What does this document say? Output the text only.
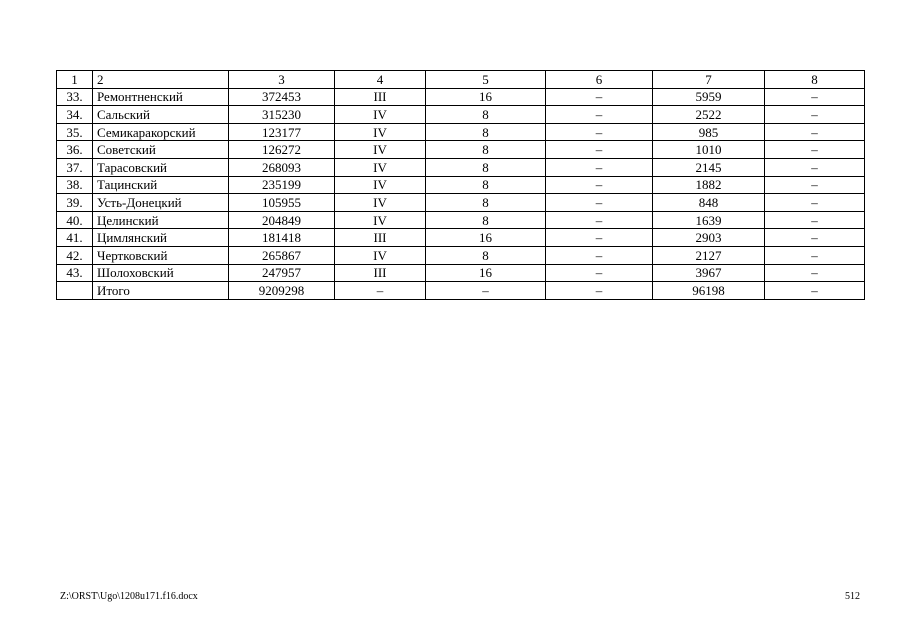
1	2	3	4	5	6	7	8
33.	Ремонтненский	372453	III	16	–	5959	–
34.	Сальский	315230	IV	8	–	2522	–
35.	Семикаракорский	123177	IV	8	–	985	–
36.	Советский	126272	IV	8	–	1010	–
37.	Тарасовский	268093	IV	8	–	2145	–
38.	Тацинский	235199	IV	8	–	1882	–
39.	Усть-Донецкий	105955	IV	8	–	848	–
40.	Целинский	204849	IV	8	–	1639	–
41.	Цимлянский	181418	III	16	–	2903	–
42.	Чертковский	265867	IV	8	–	2127	–
43.	Шолоховский	247957	III	16	–	3967	–
	Итого	9209298	–	–	–	96198	–
Z:\ORST\Ugo\1208u171.f16.docx	512
